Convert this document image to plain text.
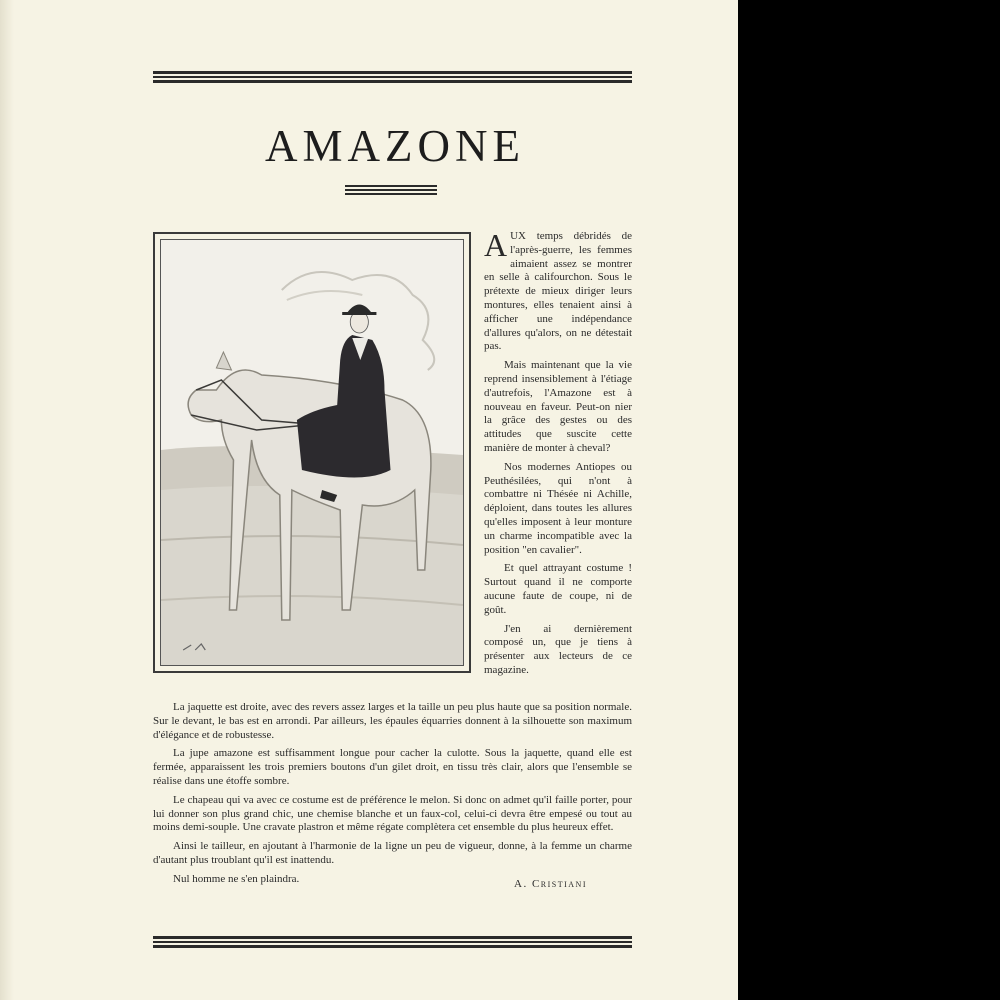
AMAZONE

AUX temps débridés de l'après-guerre, les femmes aimaient assez se montrer en selle à califourchon. Sous le prétexte de mieux diriger leurs montures, elles tenaient ainsi à afficher une indépendance d'allures qu'alors, on ne détestait pas.

Mais maintenant que la vie reprend insensiblement à l'étiage d'autrefois, l'Amazone est à nouveau en faveur. Peut-on nier la grâce des gestes ou des attitudes que suscite cette manière de monter à cheval?

Nos modernes Antiopes ou Peuthésilées, qui n'ont à combattre ni Thésée ni Achille, déploient, dans toutes les allures qu'elles imposent à leur monture un charme incompatible avec la position "en cavalier".

Et quel attrayant costume ! Surtout quand il ne comporte aucune faute de coupe, ni de goût.

J'en ai dernièrement composé un, que je tiens à présenter aux lecteurs de ce magazine.

La jaquette est droite, avec des revers assez larges et la taille un peu plus haute que sa position normale. Sur le devant, le bas est en arrondi. Par ailleurs, les épaules équarries donnent à la silhouette son maximum d'élégance et de robustesse.

La jupe amazone est suffisamment longue pour cacher la culotte. Sous la jaquette, quand elle est fermée, apparaissent les trois premiers boutons d'un gilet droit, en tissu très clair, alors que l'ensemble se réalise dans une étoffe sombre.

Le chapeau qui va avec ce costume est de préférence le melon. Si donc on admet qu'il faille porter, pour lui donner son plus grand chic, une chemise blanche et un faux-col, celui-ci devra être empesé ou tout au moins demi-souple. Une cravate plastron et même régate complètera cet ensemble du plus heureux effet.

Ainsi le tailleur, en ajoutant à l'harmonie de la ligne un peu de vigueur, donne, à la femme un charme d'autant plus troublant qu'il est inattendu.

Nul homme ne s'en plaindra.	A. Cristiani
